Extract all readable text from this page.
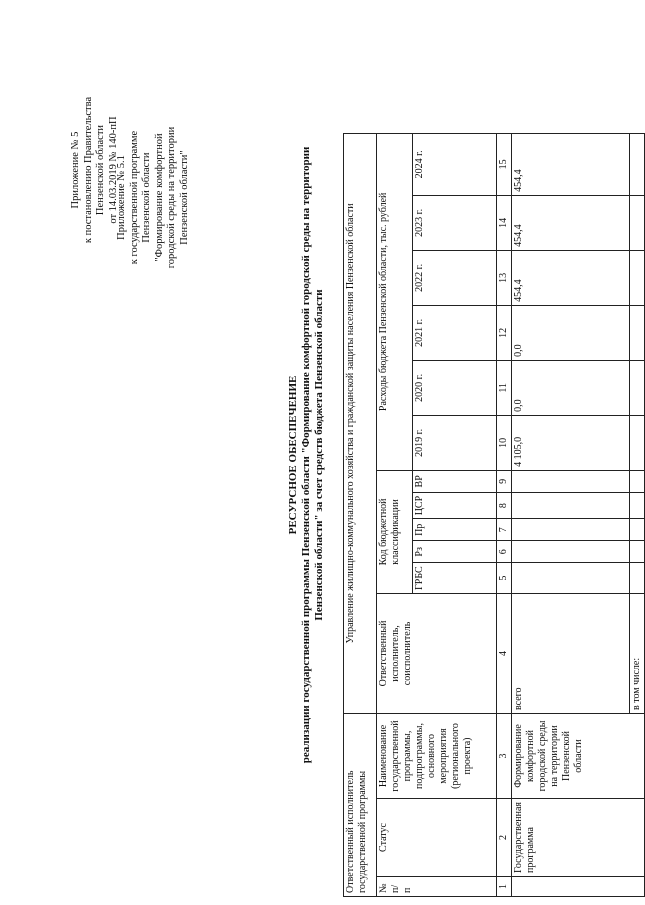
Приложение № 5 к постановлению Правительства Пензенской области от 14.03.2019 № 140-пП
Приложение № 5.1 к государственной программе Пензенской области "Формирование комфортной городской среды на территории Пензенской области"
РЕСУРСНОЕ ОБЕСПЕЧЕНИЕ реализации государственной программы Пензенской области "Формирование комфортной городской среды на территории Пензенской области" за счет средств бюджета Пензенской области
Ответственный исполнитель государственной программы			Управление жилищно-коммунального хозяйства и гражданской защиты населения Пензенской области											
№ п/п	Статус	Наименование государственной программы, подпрограммы, основного мероприятия (регионального проекта)	Ответственный исполнитель, соисполнитель	Код бюджетной классификации					Расходы бюджета Пензенской области, тыс. рублей					
				ГРБС	Рз	Пр	ЦСР	ВР	2019 г.	2020 г.	2021 г.	2022 г.	2023 г.	2024 г.
1	2	3	4	5	6	7	8	9	10	11	12	13	14	15
	Государственная программа	Формирование комфортной городской среды на территории Пензенской области	всего						4 105,0	0,0	0,0	454,4	454,4	454,4
			в том числе:											
